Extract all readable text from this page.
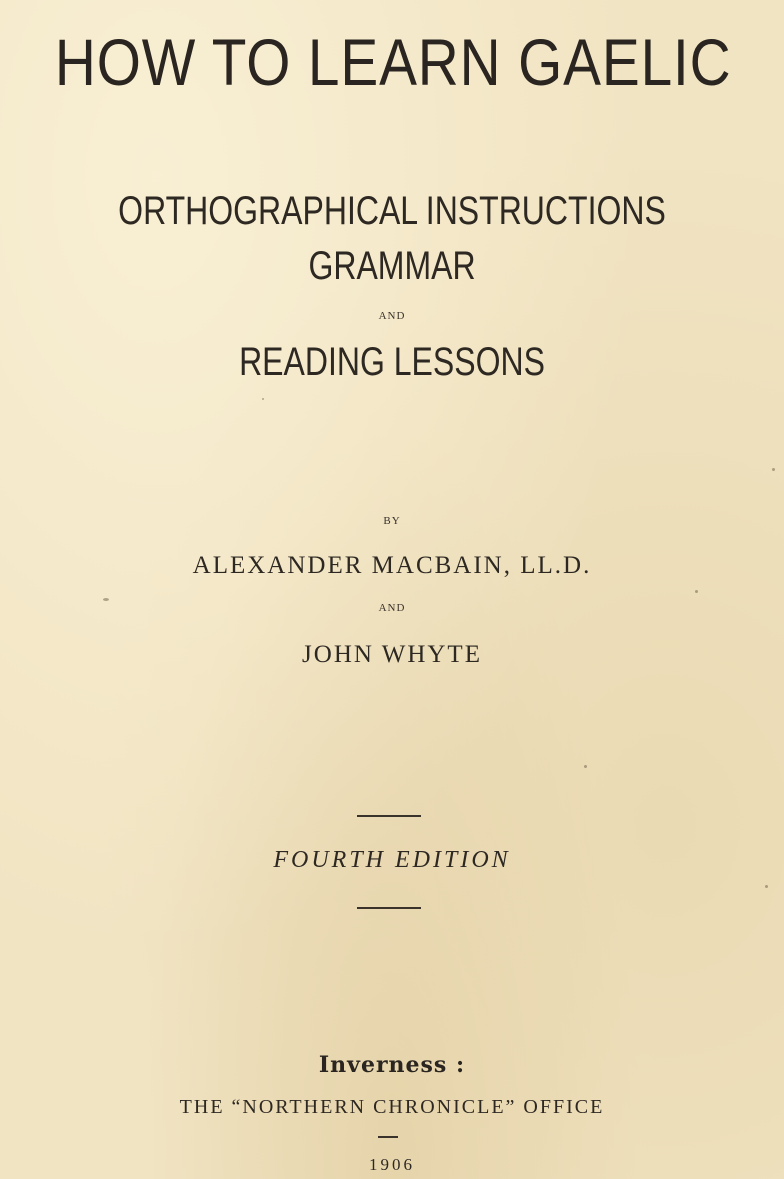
HOW TO LEARN GAELIC
ORTHOGRAPHICAL INSTRUCTIONS
GRAMMAR
AND
READING LESSONS
BY
ALEXANDER MACBAIN, LL.D.
AND
JOHN WHYTE
FOURTH EDITION
Inverness :
THE “NORTHERN CHRONICLE” OFFICE
1906
